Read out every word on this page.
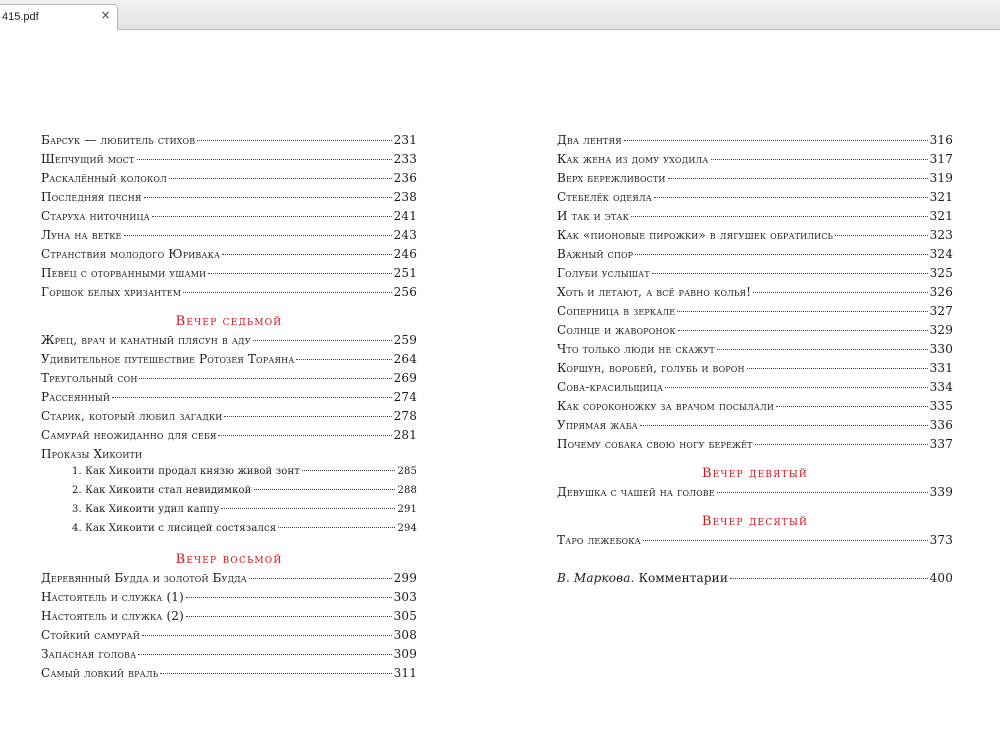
415.pdf	×
Барсук — любитель стихов	231
Шепчущий мост	233
Раскалённый колокол	236
Последняя песня	238
Старуха ниточница	241
Луна на ветке	243
Странствия молодого Юривака	246
Певец с оторванными ушами	251
Горшок белых хризантем	256
Вечер седьмой
Жрец, врач и канатный плясун в аду	259
Удивительное путешествие Ротозея Тораяна	264
Треугольный сон	269
Рассеянный	274
Старик, который любил загадки	278
Самурай неожиданно для себя	281
Проказы Хикоити
1. Как Хикоити продал князю живой зонт	285
2. Как Хикоити стал невидимкой	288
3. Как Хикоити удил каппу	291
4. Как Хикоити с лисицей состязался	294
Вечер восьмой
Деревянный Будда и золотой Будда	299
Настоятель и служка (1)	303
Настоятель и служка (2)	305
Стойкий самурай	308
Запасная голова	309
Самый ловкий враль	311
Два лентяя	316
Как жена из дому уходила	317
Верх бережливости	319
Стебелёк одеяла	321
И так и этак	321
Как «пионовые пирожки» в лягушек обратились	323
Важный спор	324
Голуби услышат	325
Хоть и летают, а всё равно колья!	326
Соперница в зеркале	327
Солнце и жаворонок	329
Что только люди не скажут	330
Коршун, воробей, голубь и ворон	331
Сова-красильщица	334
Как сороконожку за врачом посылали	335
Упрямая жаба	336
Почему собака свою ногу бережёт	337
Вечер девятый
Девушка с чашей на голове	339
Вечер десятый
Таро лежебока	373
В. Маркова. Комментарии	400
